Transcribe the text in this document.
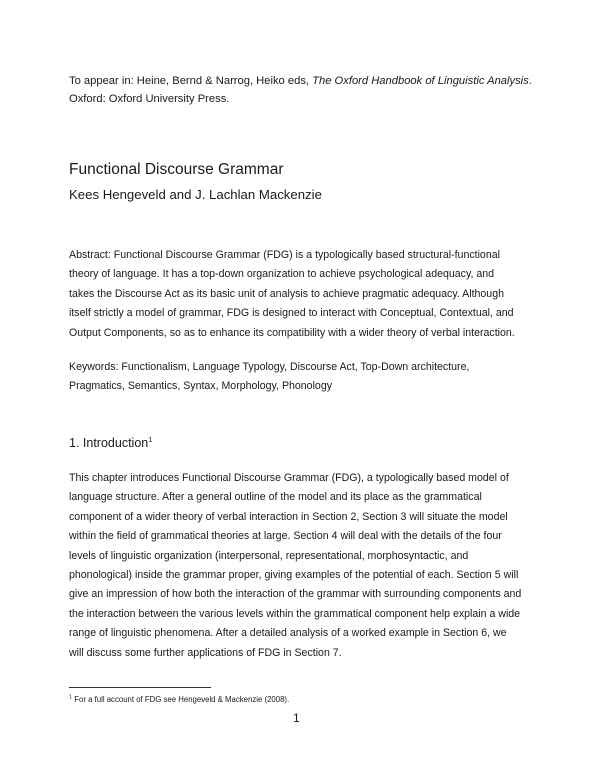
To appear in: Heine, Bernd & Narrog, Heiko eds, The Oxford Handbook of Linguistic Analysis.
Oxford: Oxford University Press.
Functional Discourse Grammar
Kees Hengeveld and J. Lachlan Mackenzie

Abstract: Functional Discourse Grammar (FDG) is a typologically based structural-functional
theory of language. It has a top-down organization to achieve psychological adequacy, and
takes the Discourse Act as its basic unit of analysis to achieve pragmatic adequacy. Although
itself strictly a model of grammar, FDG is designed to interact with Conceptual, Contextual, and
Output Components, so as to enhance its compatibility with a wider theory of verbal interaction.

Keywords: Functionalism, Language Typology, Discourse Act, Top-Down architecture,
Pragmatics, Semantics, Syntax, Morphology, Phonology

1. Introduction$^1$

This chapter introduces Functional Discourse Grammar (FDG), a typologically based model of
language structure. After a general outline of the model and its place as the grammatical
component of a wider theory of verbal interaction in Section 2, Section 3 will situate the model
within the field of grammatical theories at large. Section 4 will deal with the details of the four
levels of linguistic organization (interpersonal, representational, morphosyntactic, and
phonological) inside the grammar proper, giving examples of the potential of each. Section 5 will
give an impression of how both the interaction of the grammar with surrounding components and
the interaction between the various levels within the grammatical component help explain a wide
range of linguistic phenomena. After a detailed analysis of a worked example in Section 6, we
will discuss some further applications of FDG in Section 7.

$^1$ For a full account of FDG see Hengeveld & Mackenzie (2008).
1
